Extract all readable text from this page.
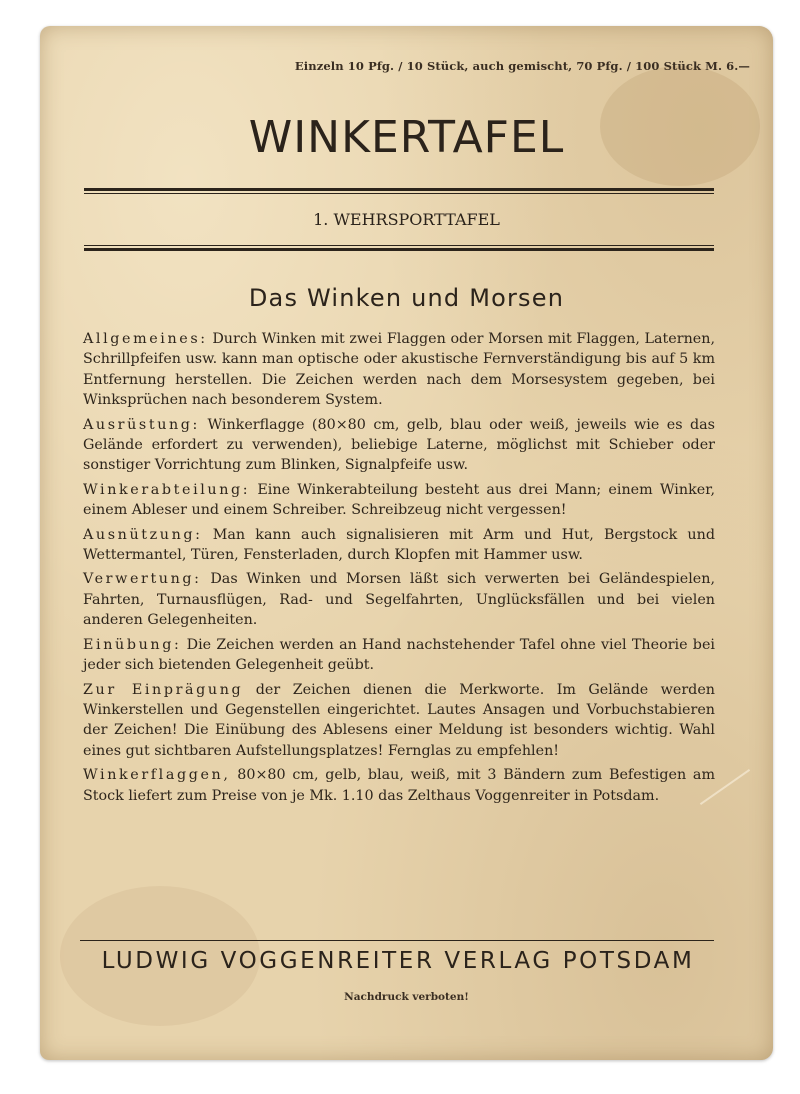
Einzeln 10 Pfg. / 10 Stück, auch gemischt, 70 Pfg. / 100 Stück M. 6.—
WINKERTAFEL
1. WEHRSPORTTAFEL
Das Winken und Morsen

Allgemeines: Durch Winken mit zwei Flaggen oder Morsen mit Flaggen, Laternen, Schrillpfeifen usw. kann man optische oder akustische Fernverständigung bis auf 5 km Entfernung herstellen. Die Zeichen werden nach dem Morsesystem gegeben, bei Winksprüchen nach besonderem System.

Ausrüstung: Winkerflagge (80×80 cm, gelb, blau oder weiß, jeweils wie es das Gelände erfordert zu verwenden), beliebige Laterne, möglichst mit Schieber oder sonstiger Vorrichtung zum Blinken, Signalpfeife usw.

Winkerabteilung: Eine Winkerabteilung besteht aus drei Mann; einem Winker, einem Ableser und einem Schreiber. Schreibzeug nicht vergessen!

Ausnützung: Man kann auch signalisieren mit Arm und Hut, Bergstock und Wettermantel, Türen, Fensterladen, durch Klopfen mit Hammer usw.

Verwertung: Das Winken und Morsen läßt sich verwerten bei Geländespielen, Fahrten, Turnausflügen, Rad- und Segelfahrten, Unglücksfällen und bei vielen anderen Gelegenheiten.

Einübung: Die Zeichen werden an Hand nachstehender Tafel ohne viel Theorie bei jeder sich bietenden Gelegenheit geübt.

Zur Einprägung der Zeichen dienen die Merkworte. Im Gelände werden Winkerstellen und Gegenstellen eingerichtet. Lautes Ansagen und Vorbuchstabieren der Zeichen! Die Einübung des Ablesens einer Meldung ist besonders wichtig. Wahl eines gut sichtbaren Aufstellungsplatzes! Fernglas zu empfehlen!

Winkerflaggen, 80×80 cm, gelb, blau, weiß, mit 3 Bändern zum Befestigen am Stock liefert zum Preise von je Mk. 1.10 das Zelthaus Voggenreiter in Potsdam.

LUDWIG VOGGENREITER VERLAG POTSDAM
Nachdruck verboten!
